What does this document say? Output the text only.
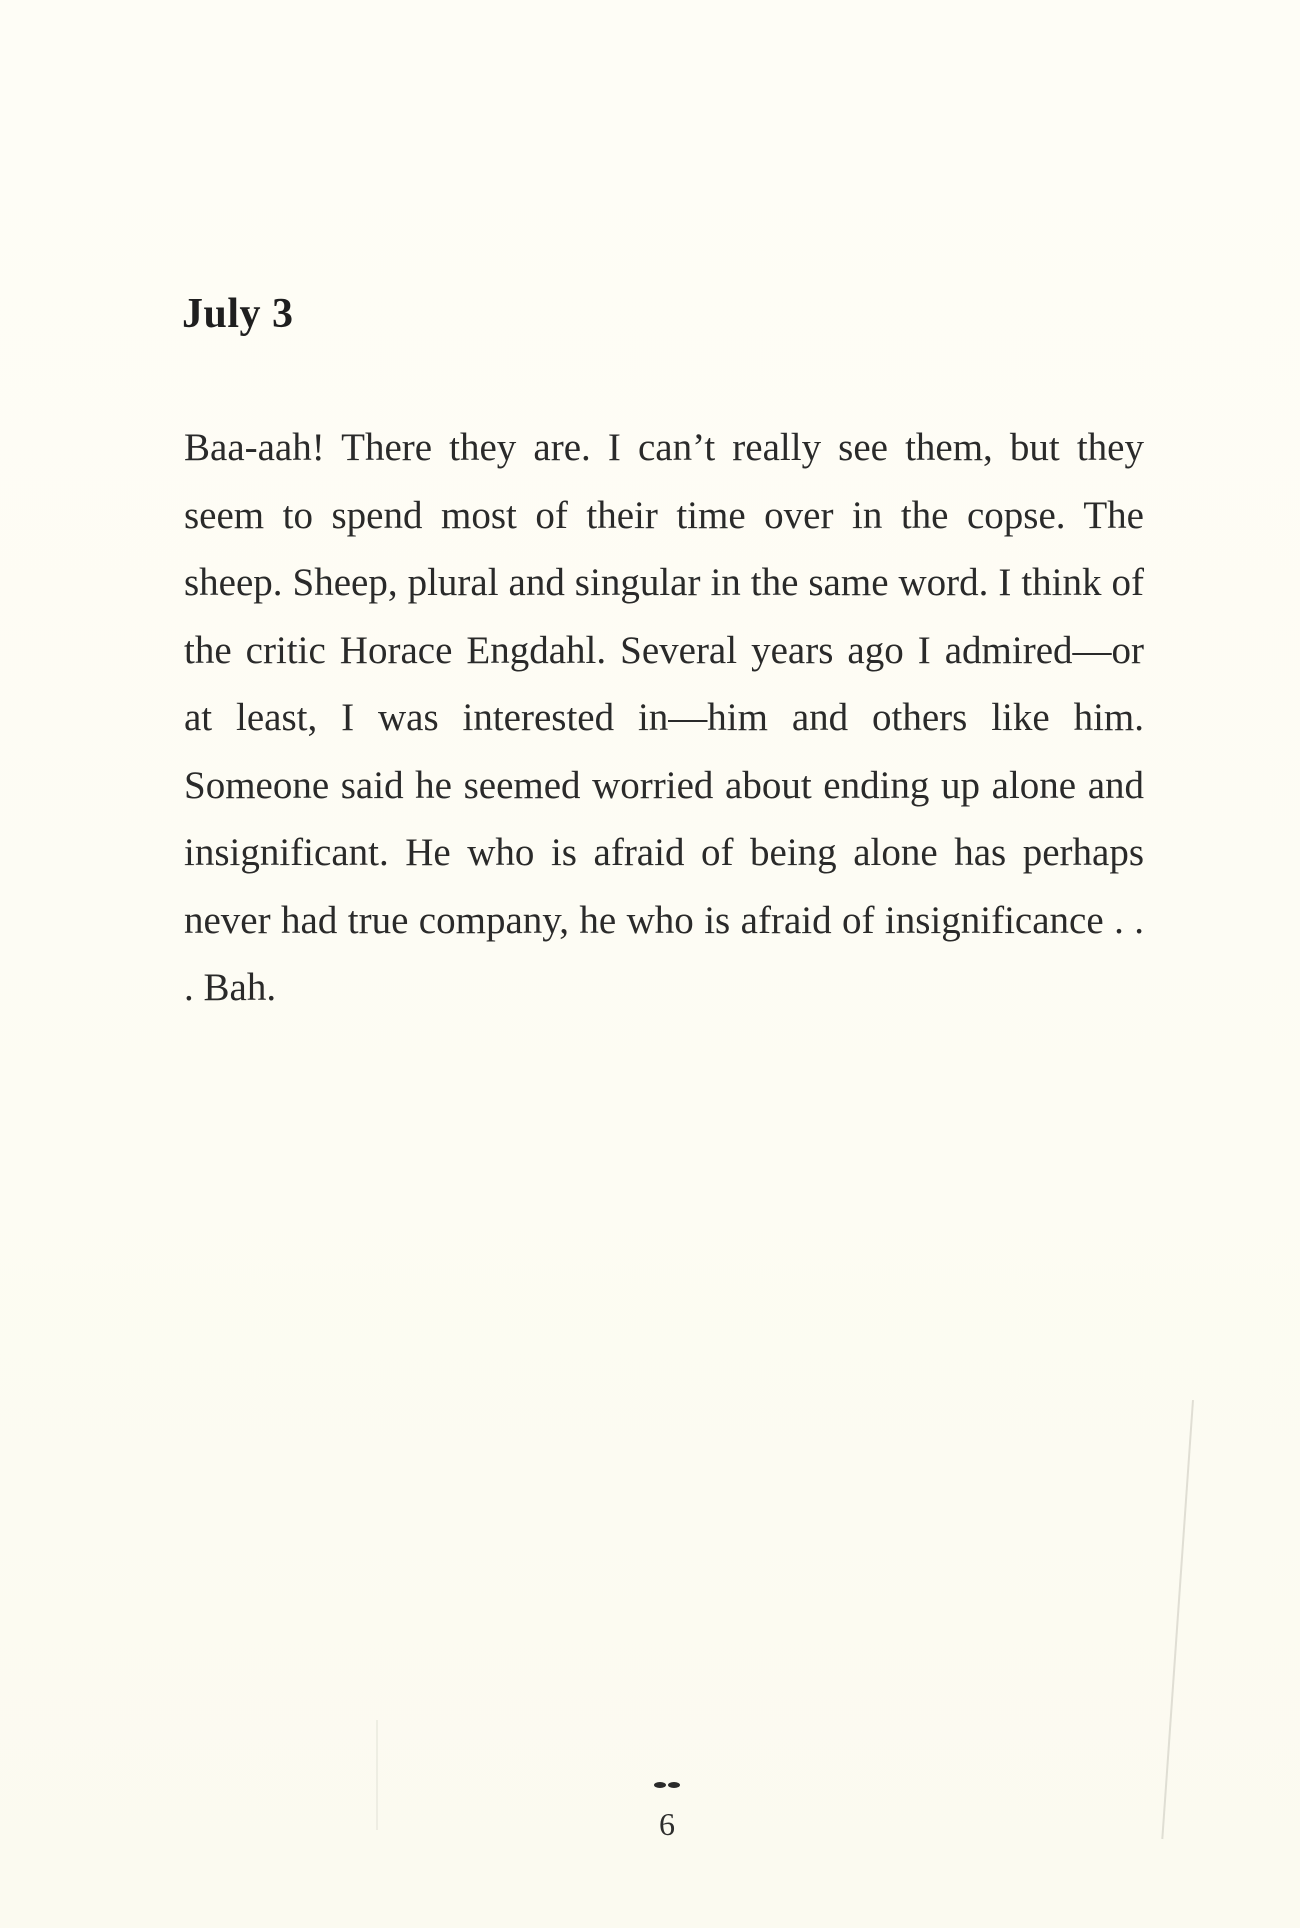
July 3

Baa-aah! There they are. I can’t really see them, but they seem to spend most of their time over in the copse. The sheep. Sheep, plural and singular in the same word. I think of the critic Horace Engdahl. Several years ago I admired—or at least, I was interested in—him and others like him. Someone said he seemed worried about ending up alone and insignificant. He who is afraid of being alone has perhaps never had true company, he who is afraid of insignificance . . . Bah.

6
